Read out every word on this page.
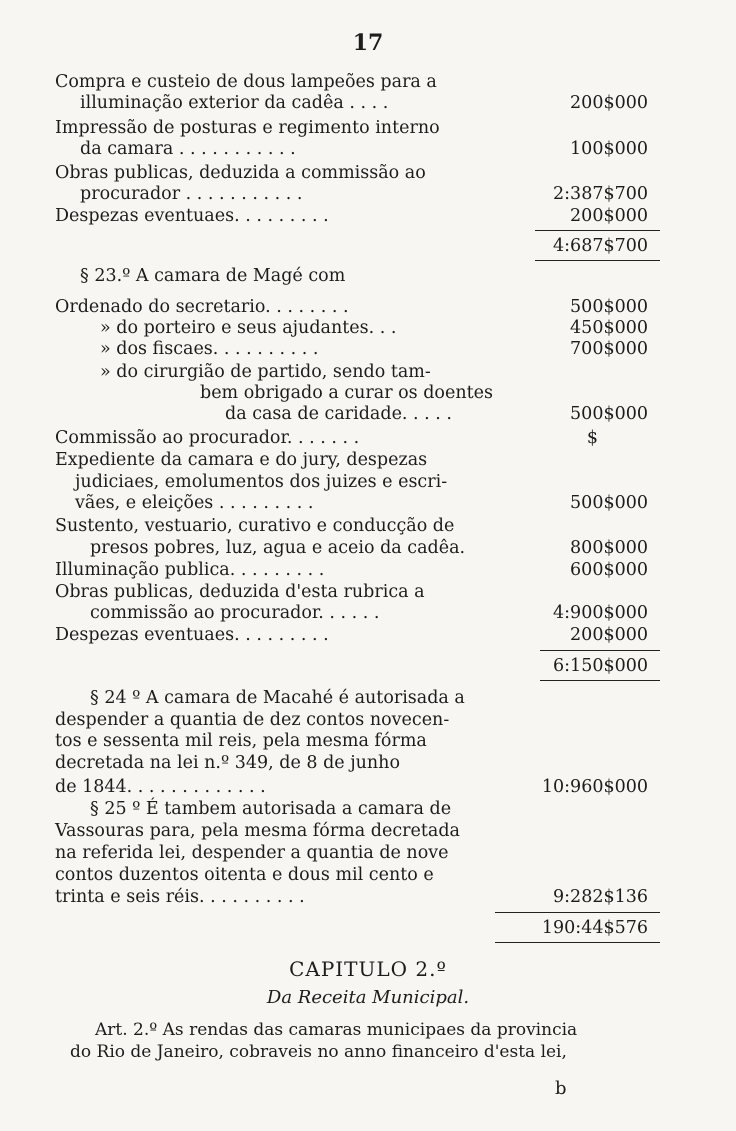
17
Compra e custeio de dous lampeões para a
illuminação exterior da cadêa . . . .
Impressão de posturas e regimento interno
da camara . . . . . . . . . . .
Obras publicas, deduzida a commissão ao
procurador . . . . . . . . . . .
Despezas eventuaes. . . . . . . . .
§ 23.º A camara de Magé com
Ordenado do secretario. . . . . . . .
» do porteiro e seus ajudantes. . .
» dos fiscaes. . . . . . . . . .
» do cirurgião de partido, sendo tam-
bem obrigado a curar os doentes
da casa de caridade. . . . .
Commissão ao procurador. . . . . . .
Expediente da camara e do jury, despezas
judiciaes, emolumentos dos juizes e escri-
vães, e eleições . . . . . . . . .
Sustento, vestuario, curativo e conducção de
presos pobres, luz, agua e aceio da cadêa.
Illuminação publica. . . . . . . . .
Obras publicas, deduzida d'esta rubrica a
commissão ao procurador. . . . . .
Despezas eventuaes. . . . . . . . .
§ 24 º A camara de Macahé é autorisada a
despender a quantia de dez contos novecen-
tos e sessenta mil reis, pela mesma fórma
decretada na lei n.º 349, de 8 de junho
de 1844. . . . . . . . . . . . .
§ 25 º É tambem autorisada a camara de
Vassouras para, pela mesma fórma decretada
na referida lei, despender a quantia de nove
contos duzentos oitenta e dous mil cento e
trinta e seis réis. . . . . . . . . .
200$000
100$000
2:387$700
200$000
4:687$700
500$000
450$000
700$000
500$000
$
500$000
800$000
600$000
4:900$000
200$000
6:150$000
10:960$000
9:282$136
190:44$576
CAPITULO 2.º
Da Receita Municipal.
Art. 2.º As rendas das camaras municipaes da provincia
do Rio de Janeiro, cobraveis no anno financeiro d'esta lei,
b
